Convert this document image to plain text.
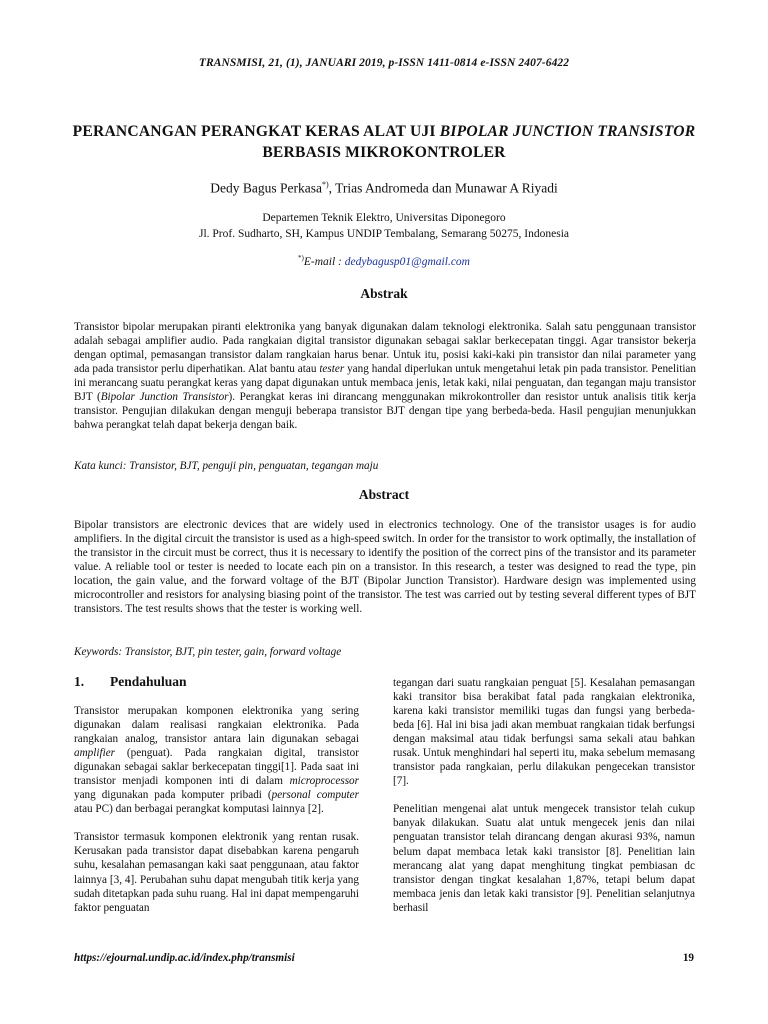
TRANSMISI, 21, (1), JANUARI 2019, p-ISSN 1411-0814 e-ISSN 2407-6422
PERANCANGAN PERANGKAT KERAS ALAT UJI BIPOLAR JUNCTION TRANSISTOR BERBASIS MIKROKONTROLER
Dedy Bagus Perkasa*), Trias Andromeda dan Munawar A Riyadi
Departemen Teknik Elektro, Universitas Diponegoro
Jl. Prof. Sudharto, SH, Kampus UNDIP Tembalang, Semarang 50275, Indonesia
*)E-mail : dedybagusp01@gmail.com
Abstrak
Transistor bipolar merupakan piranti elektronika yang banyak digunakan dalam teknologi elektronika. Salah satu penggunaan transistor adalah sebagai amplifier audio. Pada rangkaian digital transistor digunakan sebagai saklar berkecepatan tinggi. Agar transistor bekerja dengan optimal, pemasangan transistor dalam rangkaian harus benar. Untuk itu, posisi kaki-kaki pin transistor dan nilai parameter yang ada pada transistor perlu diperhatikan. Alat bantu atau tester yang handal diperlukan untuk mengetahui letak pin pada transistor. Penelitian ini merancang suatu perangkat keras yang dapat digunakan untuk membaca jenis, letak kaki, nilai penguatan, dan tegangan maju transistor BJT (Bipolar Junction Transistor). Perangkat keras ini dirancang menggunakan mikrokontroller dan resistor untuk analisis titik kerja transistor. Pengujian dilakukan dengan menguji beberapa transistor BJT dengan tipe yang berbeda-beda. Hasil pengujian menunjukkan bahwa perangkat telah dapat bekerja dengan baik.
Kata kunci: Transistor, BJT, penguji pin, penguatan, tegangan maju
Abstract
Bipolar transistors are electronic devices that are widely used in electronics technology. One of the transistor usages is for audio amplifiers. In the digital circuit the transistor is used as a high-speed switch. In order for the transistor to work optimally, the installation of the transistor in the circuit must be correct, thus it is necessary to identify the position of the correct pins of the transistor and its parameter value. A reliable tool or tester is needed to locate each pin on a transistor. In this research, a tester was designed to read the type, pin location, the gain value, and the forward voltage of the BJT (Bipolar Junction Transistor). Hardware design was implemented using microcontroller and resistors for analysing biasing point of the transistor. The test was carried out by testing several different types of BJT transistors. The test results shows that the tester is working well.
Keywords: Transistor, BJT, pin tester, gain, forward voltage
1. Pendahuluan

Transistor merupakan komponen elektronika yang sering digunakan dalam realisasi rangkaian elektronika. Pada rangkaian analog, transistor antara lain digunakan sebagai amplifier (penguat). Pada rangkaian digital, transistor digunakan sebagai saklar berkecepatan tinggi[1]. Pada saat ini transistor menjadi komponen inti di dalam microprocessor yang digunakan pada komputer pribadi (personal computer atau PC) dan berbagai perangkat komputasi lainnya [2].

Transistor termasuk komponen elektronik yang rentan rusak. Kerusakan pada transistor dapat disebabkan karena pengaruh suhu, kesalahan pemasangan kaki saat penggunaan, atau faktor lainnya [3, 4]. Perubahan suhu dapat mengubah titik kerja yang sudah ditetapkan pada suhu ruang. Hal ini dapat mempengaruhi faktor penguatan

tegangan dari suatu rangkaian penguat [5]. Kesalahan pemasangan kaki transitor bisa berakibat fatal pada rangkaian elektronika, karena kaki transistor memiliki tugas dan fungsi yang berbeda-beda [6]. Hal ini bisa jadi akan membuat rangkaian tidak berfungsi dengan maksimal atau tidak berfungsi sama sekali atau bahkan rusak. Untuk menghindari hal seperti itu, maka sebelum memasang transistor pada rangkaian, perlu dilakukan pengecekan transistor [7].

Penelitian mengenai alat untuk mengecek transistor telah cukup banyak dilakukan. Suatu alat untuk mengecek jenis dan nilai penguatan transistor telah dirancang dengan akurasi 93%, namun belum dapat membaca letak kaki transistor [8]. Penelitian lain merancang alat yang dapat menghitung tingkat pembiasan dc transistor dengan tingkat kesalahan 1,87%, tetapi belum dapat membaca jenis dan letak kaki transistor [9]. Penelitian selanjutnya berhasil

https://ejournal.undip.ac.id/index.php/transmisi	19
